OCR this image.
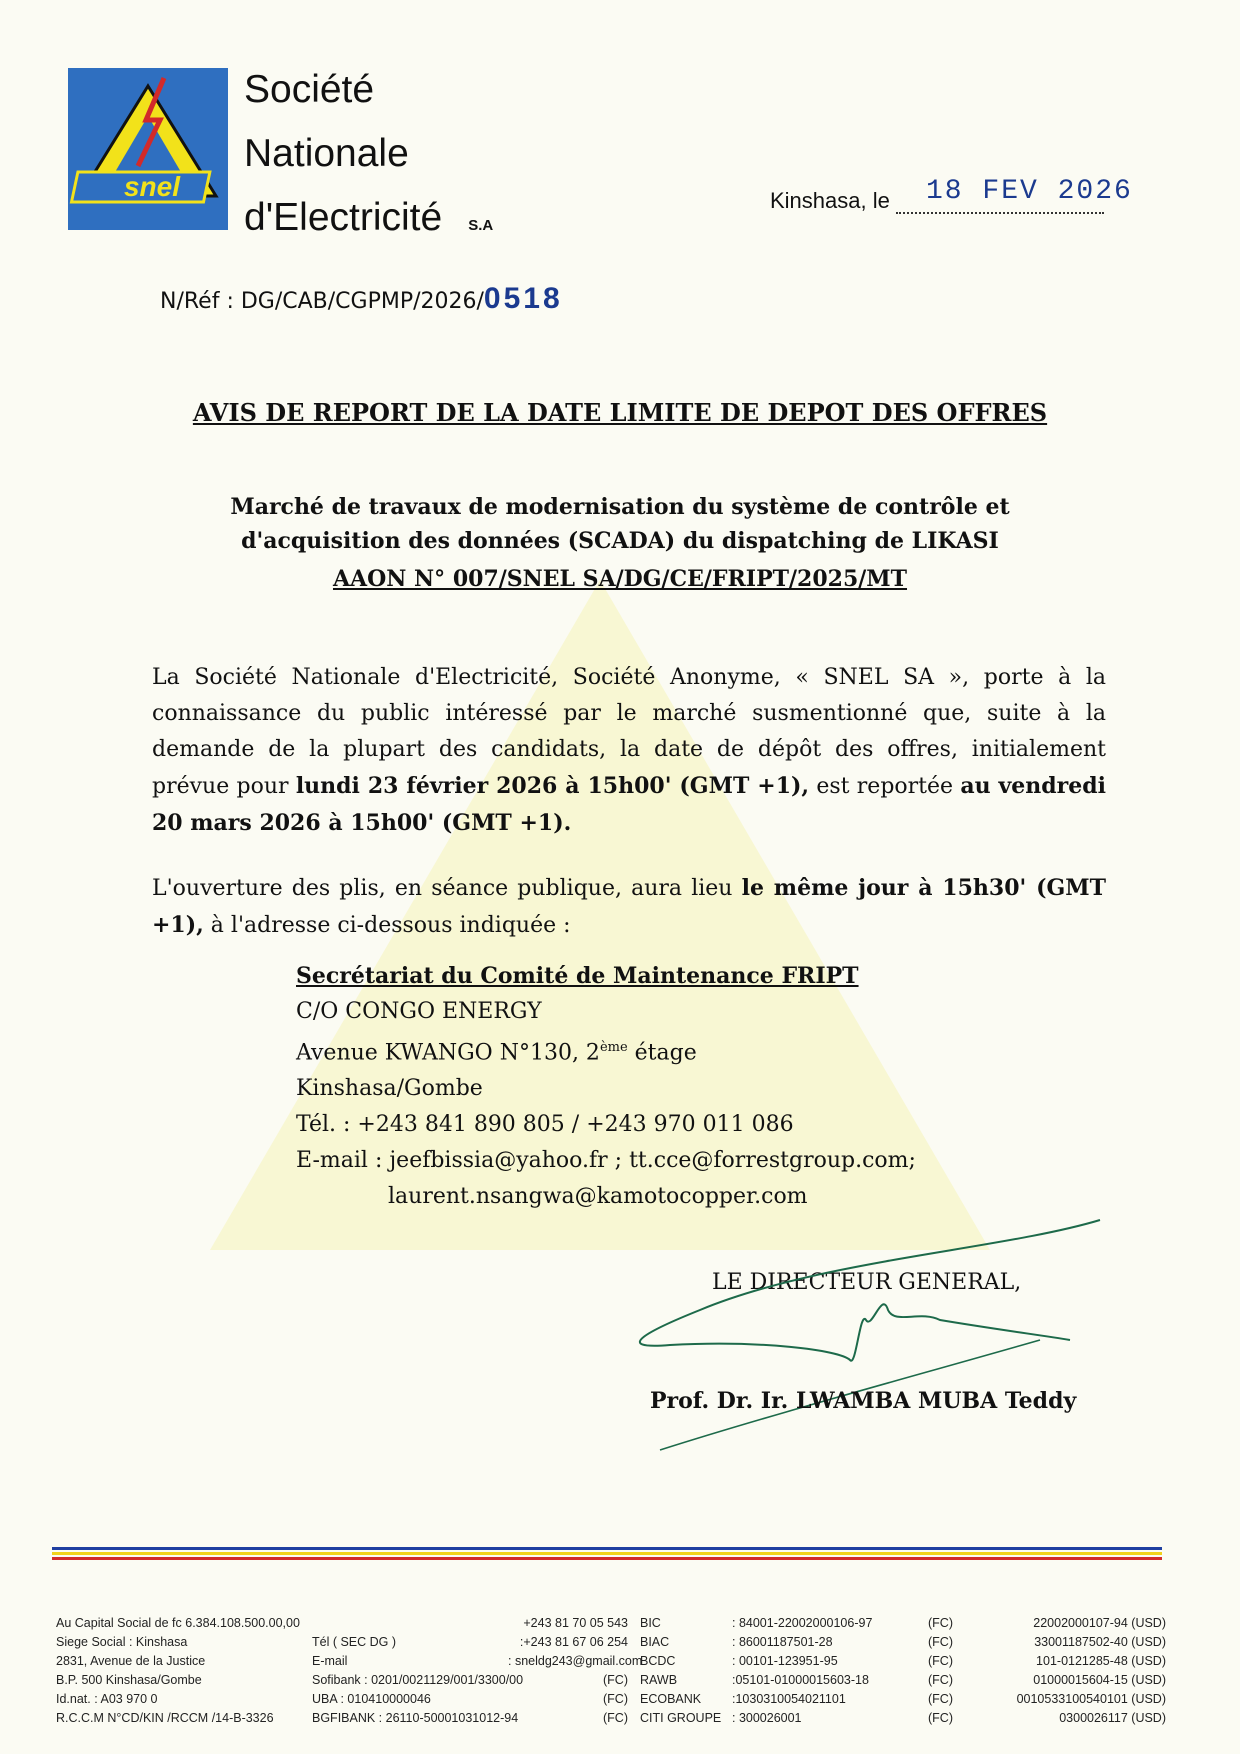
snel
Société
Nationale
d'Electricité S.A
Kinshasa, le 18 FEV 2026
N/Réf : DG/CAB/CGPMP/2026/0518
AVIS DE REPORT DE LA DATE LIMITE DE DEPOT DES OFFRES
Marché de travaux de modernisation du système de contrôle et
d'acquisition des données (SCADA) du dispatching de LIKASI
AAON N° 007/SNEL SA/DG/CE/FRIPT/2025/MT
La Société Nationale d'Electricité, Société Anonyme, « SNEL SA », porte à la connaissance du public intéressé par le marché susmentionné que, suite à la demande de la plupart des candidats, la date de dépôt des offres, initialement prévue pour lundi 23 février 2026 à 15h00' (GMT +1), est reportée au vendredi 20 mars 2026 à 15h00' (GMT +1).
L'ouverture des plis, en séance publique, aura lieu le même jour à 15h30' (GMT +1), à l'adresse ci-dessous indiquée :
Secrétariat du Comité de Maintenance FRIPT
C/O CONGO ENERGY
Avenue KWANGO N°130, 2ème étage
Kinshasa/Gombe
Tél. : +243 841 890 805 / +243 970 011 086
E-mail : jeefbissia@yahoo.fr ; tt.cce@forrestgroup.com;
laurent.nsangwa@kamotocopper.com
LE DIRECTEUR GENERAL,
Prof. Dr. Ir. LWAMBA MUBA Teddy
Au Capital Social de fc 6.384.108.500.00,00
Siege Social : Kinshasa
2831, Avenue de la Justice
B.P. 500 Kinshasa/Gombe
Id.nat. : A03 970 0
R.C.C.M N°CD/KIN /RCCM /14-B-3326

Tél ( SEC DG )
E-mail
Sofibank : 0201/0021129/001/3300/00
UBA : 010410000046
BGFIBANK : 26110-50001031012-94
+243 81 70 05 543
:+243 81 67 06 254
: sneldg243@gmail.com
(FC)
(FC)
(FC)
BIC
BIAC
BCDC
RAWB
ECOBANK
CITI GROUPE
: 84001-22002000106-97
: 86001187501-28
: 00101-123951-95
:05101-01000015603-18
:1030310054021101
: 300026001
(FC)
(FC)
(FC)
(FC)
(FC)
(FC)
22002000107-94 (USD)
33001187502-40 (USD)
101-0121285-48 (USD)
01000015604-15 (USD)
0010533100540101 (USD)
0300026117 (USD)
